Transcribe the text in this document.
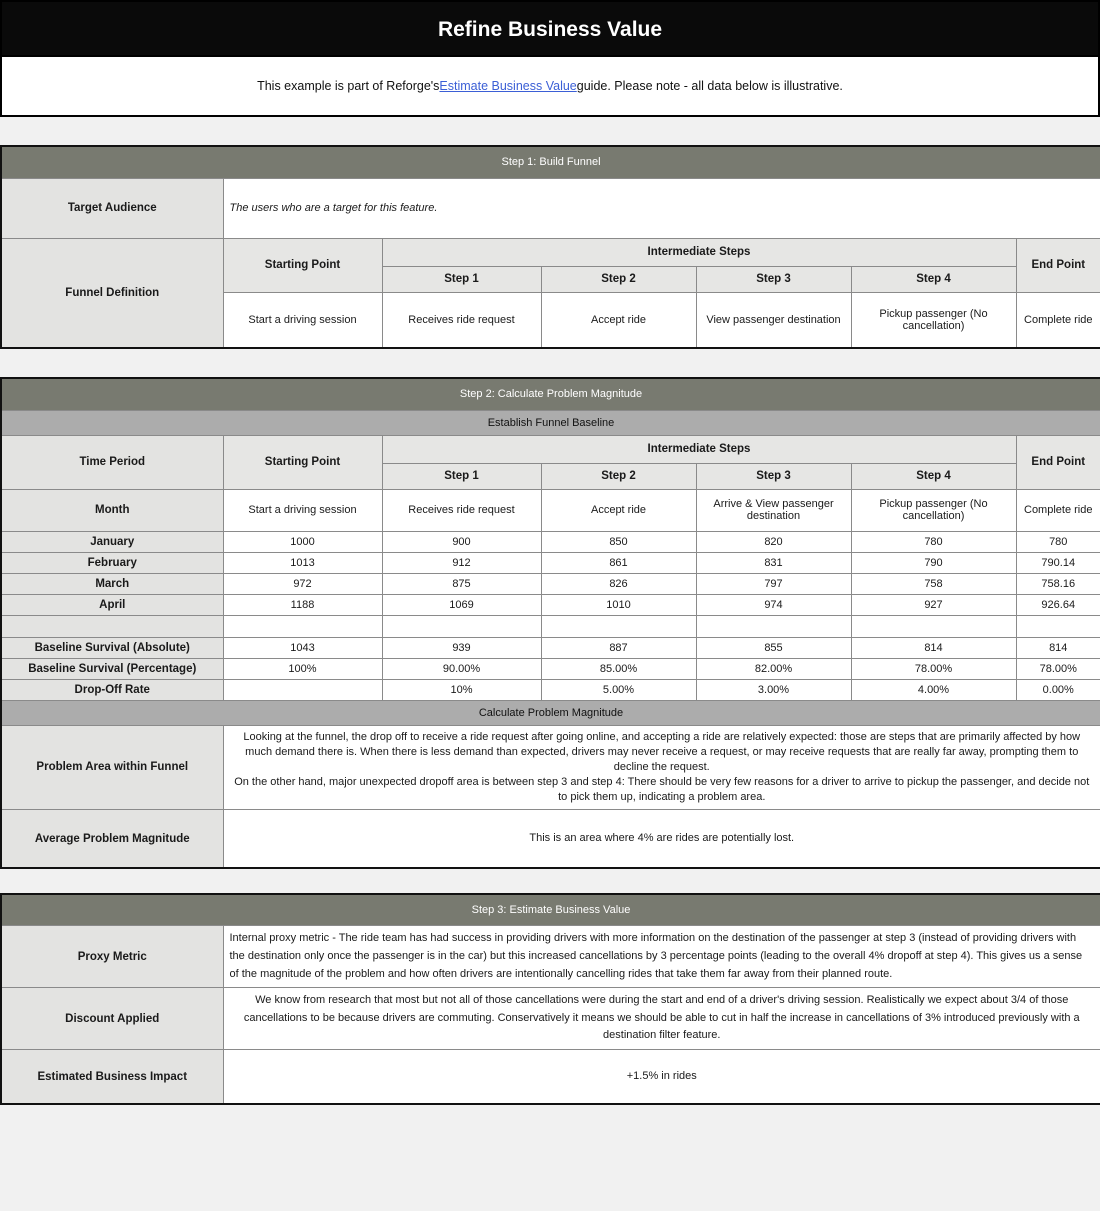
Refine Business Value
This example is part of Reforge's Estimate Business Value guide. Please note - all data below is illustrative.
Step 1: Build Funnel						
Target Audience	The users who are a target for this feature.					
Funnel Definition	Starting Point	Intermediate Steps				End Point
		Step 1	Step 2	Step 3	Step 4	
	Start a driving session	Receives ride request	Accept ride	View passenger destination	Pickup passenger (No cancellation)	Complete ride
Step 2: Calculate Problem Magnitude						
Establish Funnel Baseline						
Time Period	Starting Point	Intermediate Steps				End Point
		Step 1	Step 2	Step 3	Step 4	
Month	Start a driving session	Receives ride request	Accept ride	Arrive & View passenger destination	Pickup passenger (No cancellation)	Complete ride
January	1000	900	850	820	780	780
February	1013	912	861	831	790	790.14
March	972	875	826	797	758	758.16
April	1188	1069	1010	974	927	926.64

Baseline Survival (Absolute)	1043	939	887	855	814	814
Baseline Survival (Percentage)	100%	90.00%	85.00%	82.00%	78.00%	78.00%
Drop-Off Rate		10%	5.00%	3.00%	4.00%	0.00%
Calculate Problem Magnitude						
Problem Area within Funnel	Looking at the funnel, the drop off to receive a ride request after going online, and accepting a ride are relatively expected: those are steps that are primarily affected by how much demand there is. When there is less demand than expected, drivers may never receive a request, or may receive requests that are really far away, prompting them to decline the request.
On the other hand, major unexpected dropoff area is between step 3 and step 4: There should be very few reasons for a driver to arrive to pickup the passenger, and decide not to pick them up, indicating a problem area.					

Average Problem Magnitude	This is an area where 4% are rides are potentially lost.					
Step 3: Estimate Business Value	
Proxy Metric	Internal proxy metric - The ride team has had success in providing drivers with more information on the destination of the passenger at step 3 (instead of providing drivers with the destination only once the passenger is in the car) but this increased cancellations by 3 percentage points (leading to the overall 4% dropoff at step 4). This gives us a sense of the magnitude of the problem and how often drivers are intentionally cancelling rides that take them far away from their planned route.
Discount Applied	We know from research that most but not all of those cancellations were during the start and end of a driver's driving session. Realistically we expect about 3/4 of those cancellations to be because drivers are commuting. Conservatively it means we should be able to cut in half the increase in cancellations of 3% introduced previously with a destination filter feature.
Estimated Business Impact	+1.5% in rides
